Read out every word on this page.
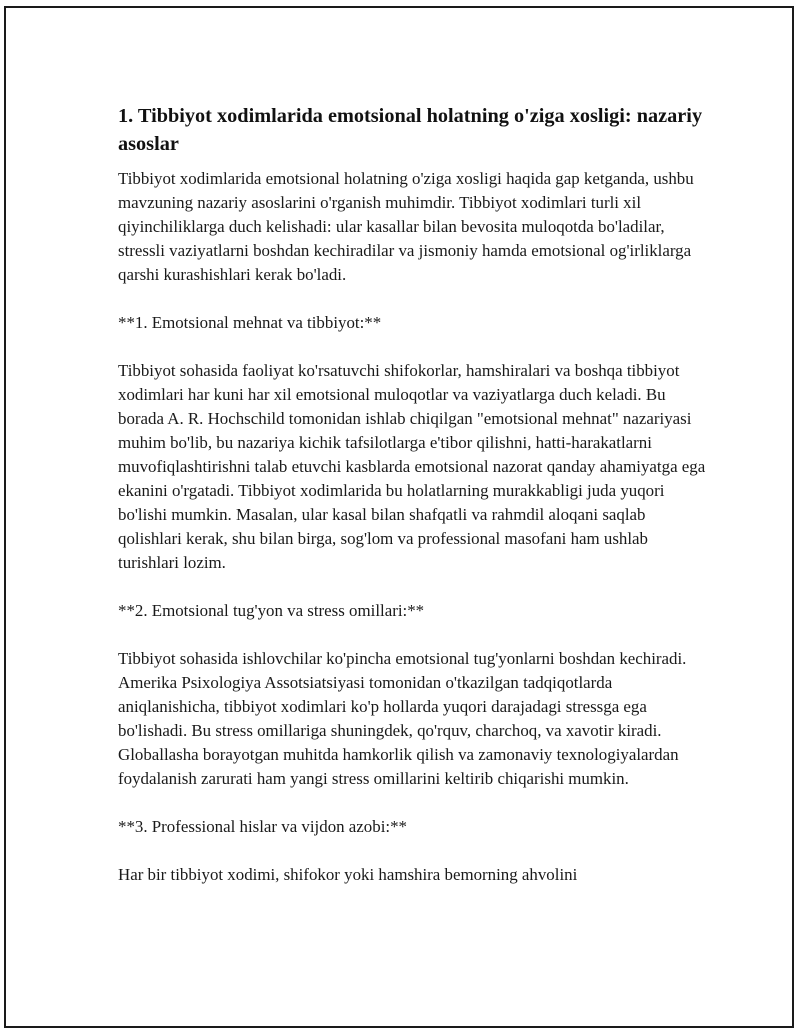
1. Tibbiyot xodimlarida emotsional holatning o'ziga xosligi: nazariy asoslar

Tibbiyot xodimlarida emotsional holatning o'ziga xosligi haqida gap ketganda, ushbu mavzuning nazariy asoslarini o'rganish muhimdir. Tibbiyot xodimlari turli xil qiyinchiliklarga duch kelishadi: ular kasallar bilan bevosita muloqotda bo'ladilar, stressli vaziyatlarni boshdan kechiradilar va jismoniy hamda emotsional og'irliklarga qarshi kurashishlari kerak bo'ladi.

**1. Emotsional mehnat va tibbiyot:**

Tibbiyot sohasida faoliyat ko'rsatuvchi shifokorlar, hamshiralari va boshqa tibbiyot xodimlari har kuni har xil emotsional muloqotlar va vaziyatlarga duch keladi. Bu borada A. R. Hochschild tomonidan ishlab chiqilgan "emotsional mehnat" nazariyasi muhim bo'lib, bu nazariya kichik tafsilotlarga e'tibor qilishni, hatti-harakatlarni muvofiqlashtirishni talab etuvchi kasblarda emotsional nazorat qanday ahamiyatga ega ekanini o'rgatadi. Tibbiyot xodimlarida bu holatlarning murakkabligi juda yuqori bo'lishi mumkin. Masalan, ular kasal bilan shafqatli va rahmdil aloqani saqlab qolishlari kerak, shu bilan birga, sog'lom va professional masofani ham ushlab turishlari lozim.

**2. Emotsional tug'yon va stress omillari:**

Tibbiyot sohasida ishlovchilar ko'pincha emotsional tug'yonlarni boshdan kechiradi. Amerika Psixologiya Assotsiatsiyasi tomonidan o'tkazilgan tadqiqotlarda aniqlanishicha, tibbiyot xodimlari ko'p hollarda yuqori darajadagi stressga ega bo'lishadi. Bu stress omillariga shuningdek, qo'rquv, charchoq, va xavotir kiradi. Globallasha borayotgan muhitda hamkorlik qilish va zamonaviy texnologiyalardan foydalanish zarurati ham yangi stress omillarini keltirib chiqarishi mumkin.

**3. Professional hislar va vijdon azobi:**

Har bir tibbiyot xodimi, shifokor yoki hamshira bemorning ahvolini
